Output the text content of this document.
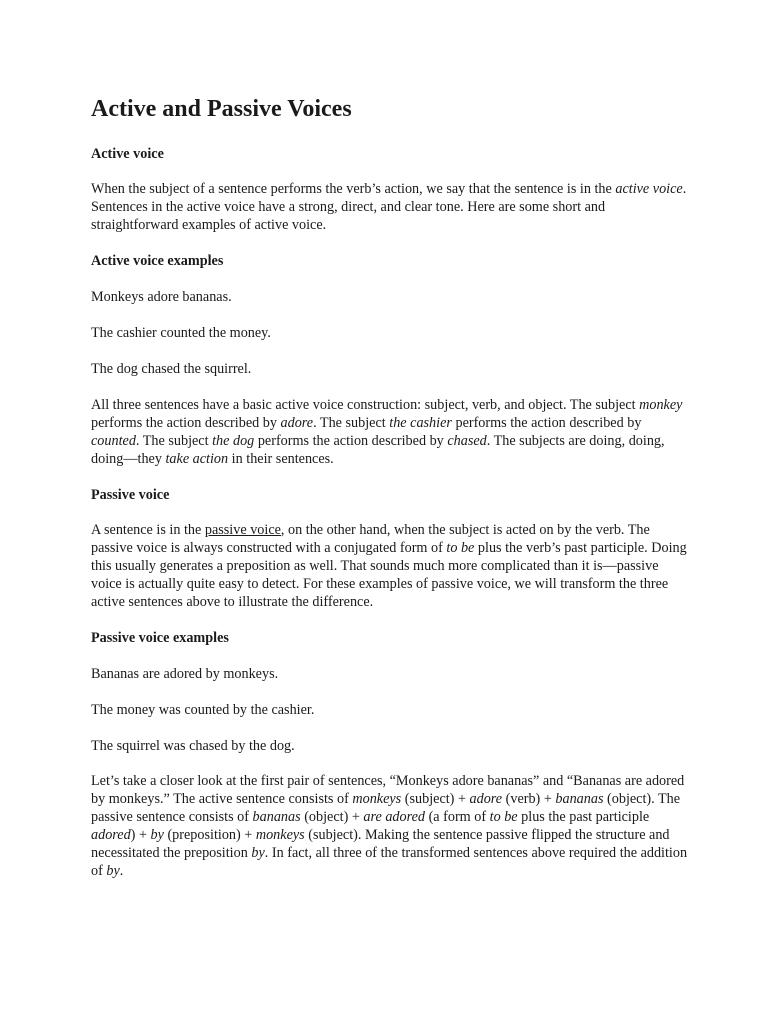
Active and Passive Voices

Active voice

When the subject of a sentence performs the verb’s action, we say that the sentence is in the active voice. Sentences in the active voice have a strong, direct, and clear tone. Here are some short and straightforward examples of active voice.

Active voice examples

Monkeys adore bananas.

The cashier counted the money.

The dog chased the squirrel.

All three sentences have a basic active voice construction: subject, verb, and object. The subject monkey performs the action described by adore. The subject the cashier performs the action described by counted. The subject the dog performs the action described by chased. The subjects are doing, doing, doing—they take action in their sentences.

Passive voice

A sentence is in the passive voice, on the other hand, when the subject is acted on by the verb. The passive voice is always constructed with a conjugated form of to be plus the verb’s past participle. Doing this usually generates a preposition as well. That sounds much more complicated than it is—passive voice is actually quite easy to detect. For these examples of passive voice, we will transform the three active sentences above to illustrate the difference.

Passive voice examples

Bananas are adored by monkeys.

The money was counted by the cashier.

The squirrel was chased by the dog.

Let’s take a closer look at the first pair of sentences, “Monkeys adore bananas” and “Bananas are adored by monkeys.” The active sentence consists of monkeys (subject) + adore (verb) + bananas (object). The passive sentence consists of bananas (object) + are adored (a form of to be plus the past participle adored) + by (preposition) + monkeys (subject). Making the sentence passive flipped the structure and necessitated the preposition by. In fact, all three of the transformed sentences above required the addition of by.
